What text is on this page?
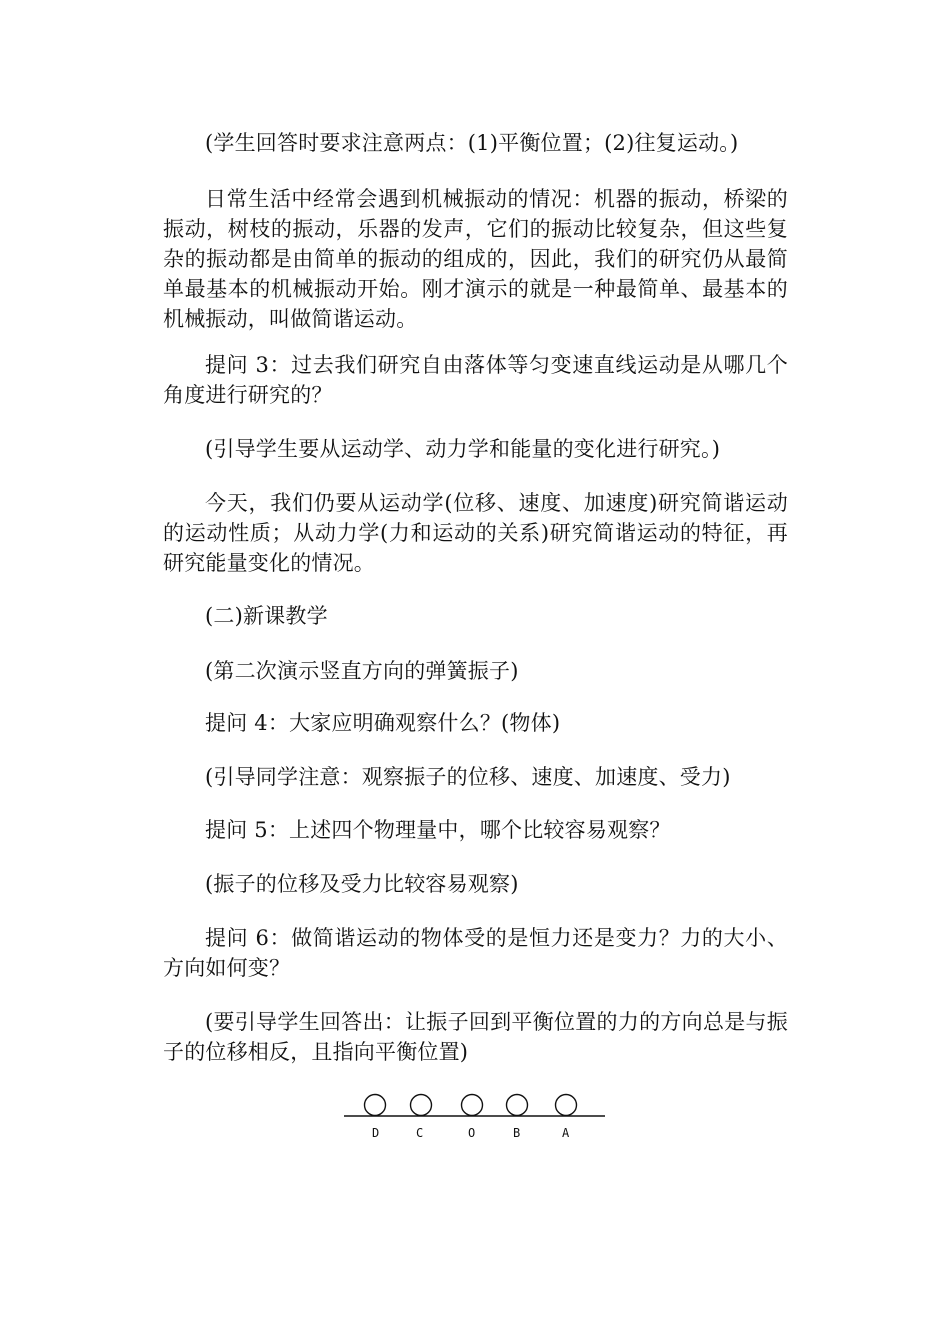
(学生回答时要求注意两点：(1)平衡位置；(2)往复运动。)

日常生活中经常会遇到机械振动的情况：机器的振动，桥梁的振动，树枝的振动，乐器的发声，它们的振动比较复杂，但这些复杂的振动都是由简单的振动的组成的，因此，我们的研究仍从最简单最基本的机械振动开始。刚才演示的就是一种最简单、最基本的机械振动，叫做简谐运动。

提问 3：过去我们研究自由落体等匀变速直线运动是从哪几个角度进行研究的？

(引导学生要从运动学、动力学和能量的变化进行研究。)

今天，我们仍要从运动学(位移、速度、加速度)研究简谐运动的运动性质；从动力学(力和运动的关系)研究简谐运动的特征，再研究能量变化的情况。

(二)新课教学

(第二次演示竖直方向的弹簧振子)

提问 4：大家应明确观察什么？(物体)

(引导同学注意：观察振子的位移、速度、加速度、受力)

提问 5：上述四个物理量中，哪个比较容易观察？

(振子的位移及受力比较容易观察)

提问 6：做简谐运动的物体受的是恒力还是变力？力的大小、方向如何变？

(要引导学生回答出：让振子回到平衡位置的力的方向总是与振子的位移相反，且指向平衡位置)

D	C	O	B	A
